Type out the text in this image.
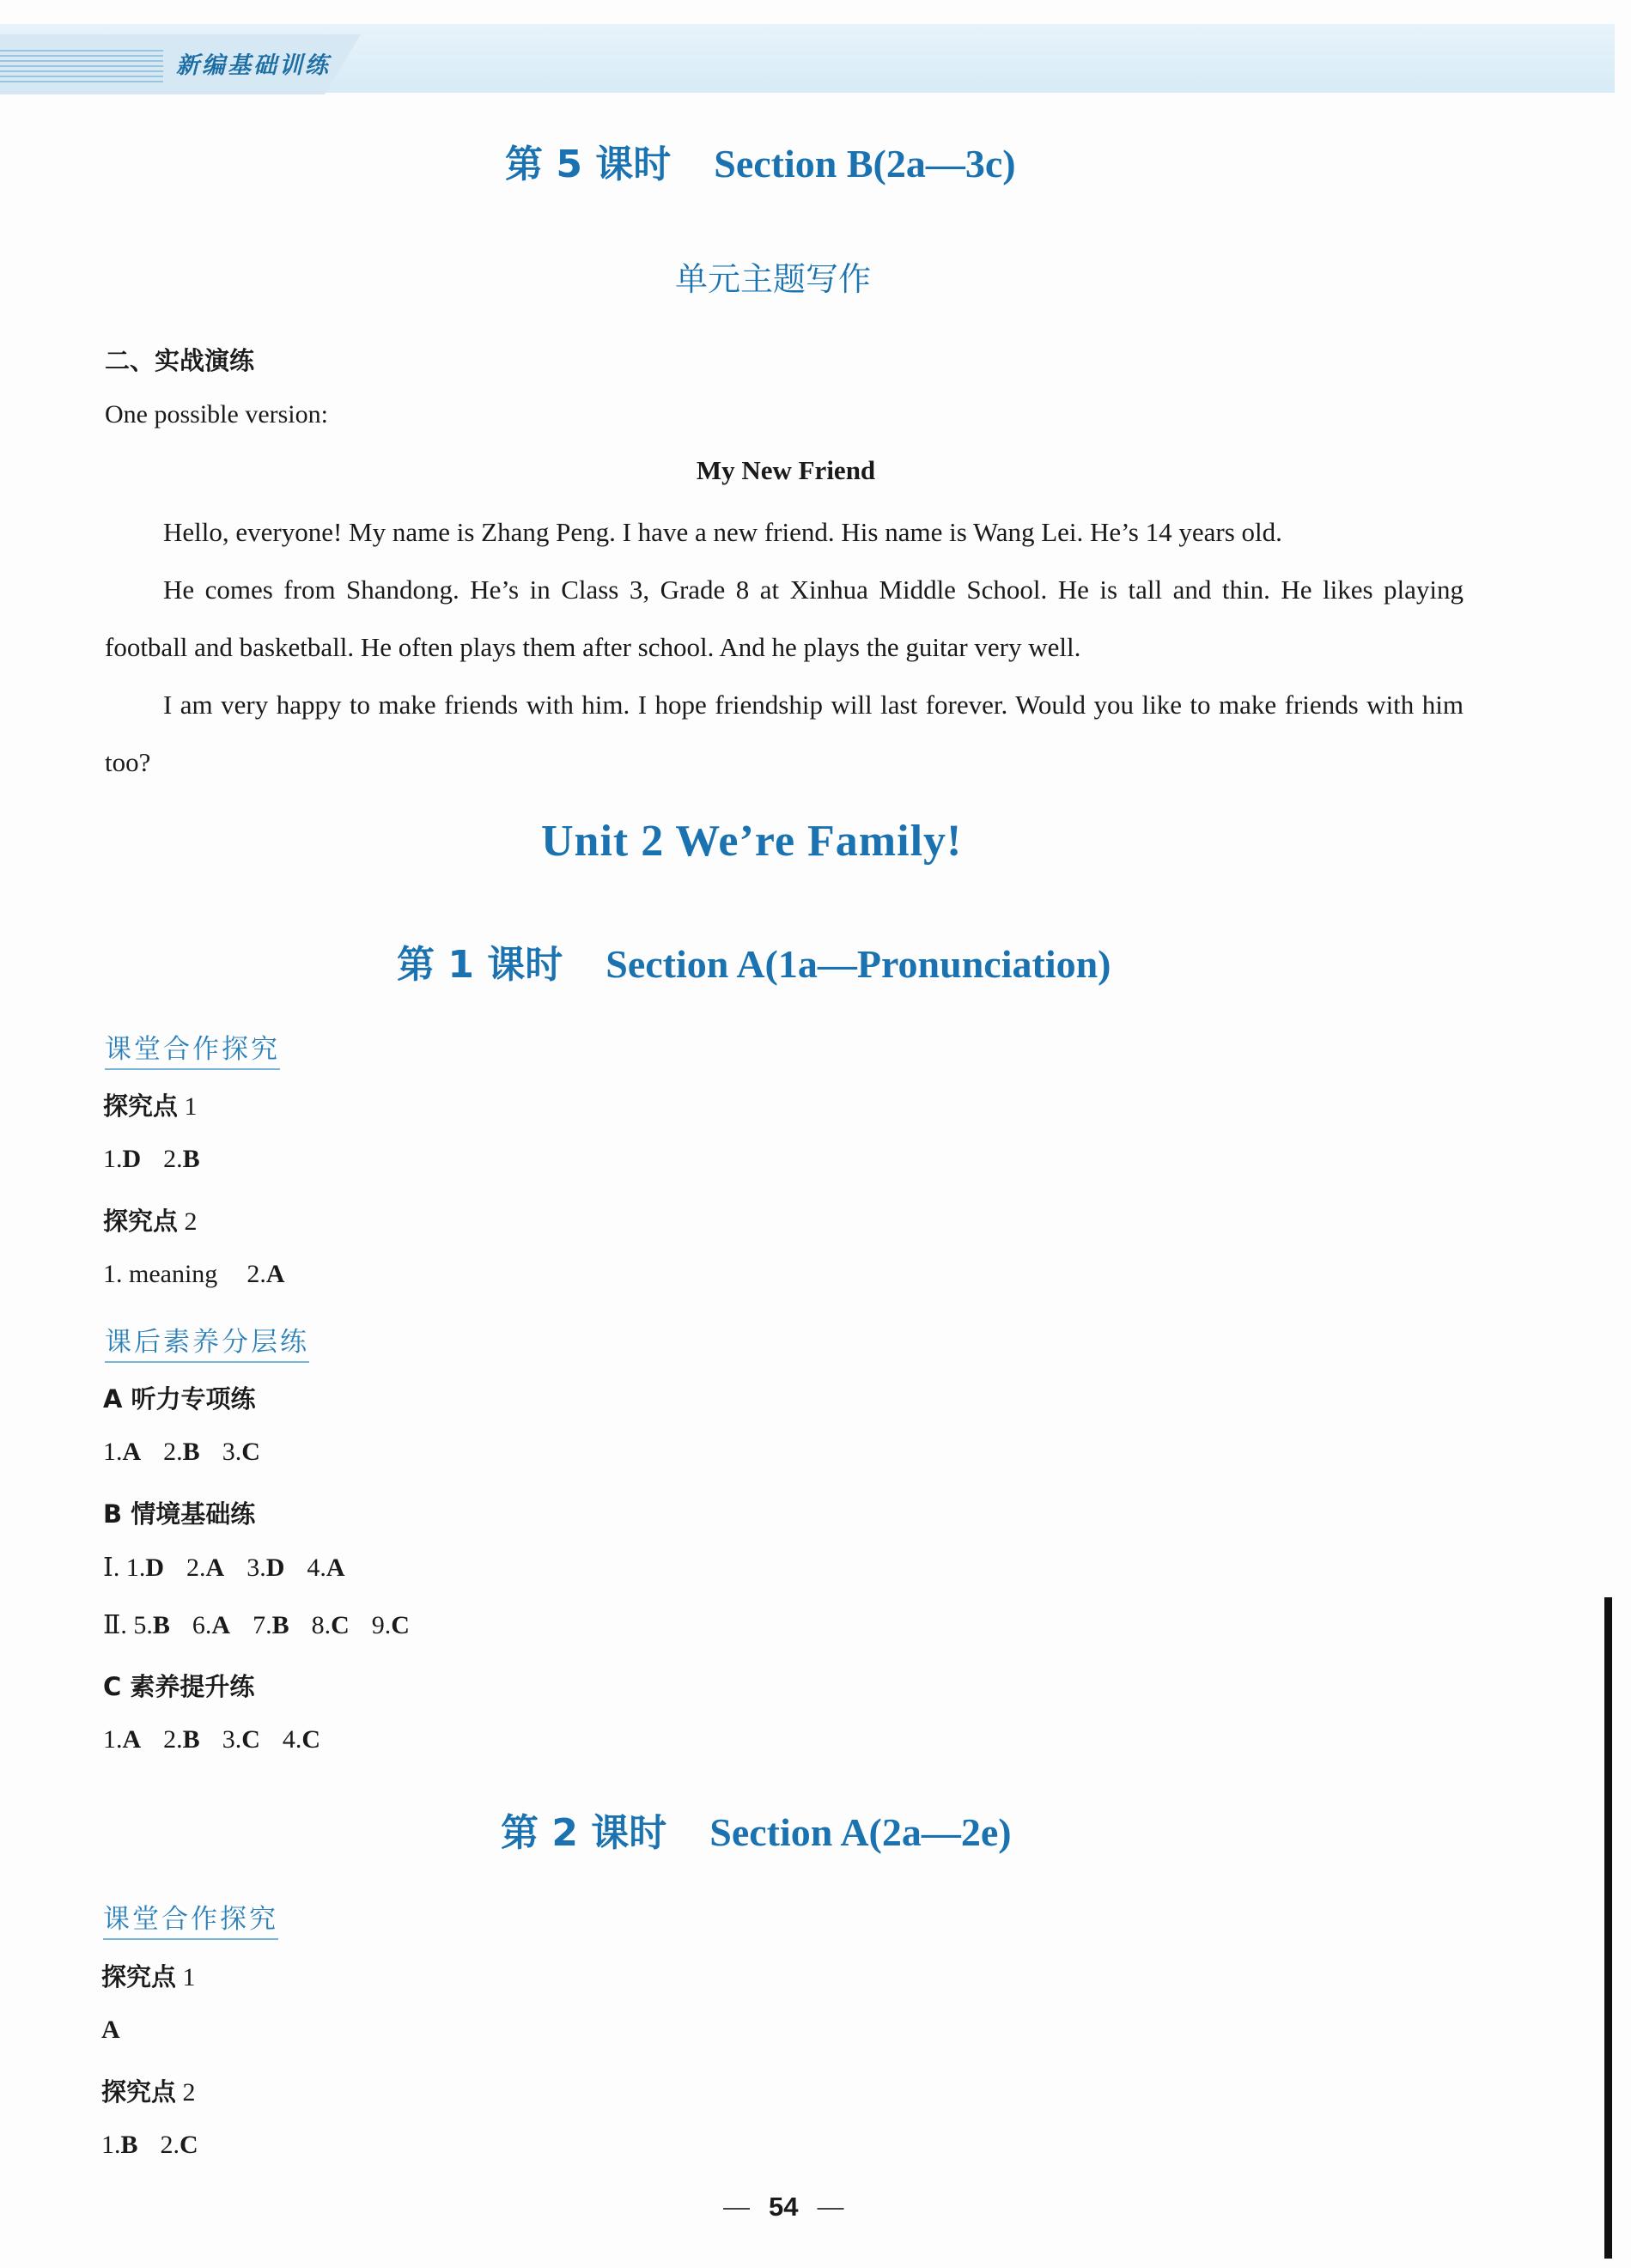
新编基础训练
第 5 课时 Section B(2a—3c)
单元主题写作
二、实战演练
One possible version:
My New Friend
Hello, everyone! My name is Zhang Peng. I have a new friend. His name is Wang Lei. He’s 14 years old.
He comes from Shandong. He’s in Class 3, Grade 8 at Xinhua Middle School. He is tall and thin. He likes playing football and basketball. He often plays them after school. And he plays the guitar very well.
I am very happy to make friends with him. I hope friendship will last forever. Would you like to make friends with him too?
Unit 2 We’re Family!
第 1 课时 Section A(1a—Pronunciation)
课堂合作探究
探究点 1
1.D 2.B
探究点 2
1. meaning 2.A
课后素养分层练
A 听力专项练
1.A 2.B 3.C
B 情境基础练
Ⅰ. 1.D 2.A 3.D 4.A
Ⅱ. 5.B 6.A 7.B 8.C 9.C
C 素养提升练
1.A 2.B 3.C 4.C
第 2 课时 Section A(2a—2e)
课堂合作探究
探究点 1
A
探究点 2
1.B 2.C
— 54 —
